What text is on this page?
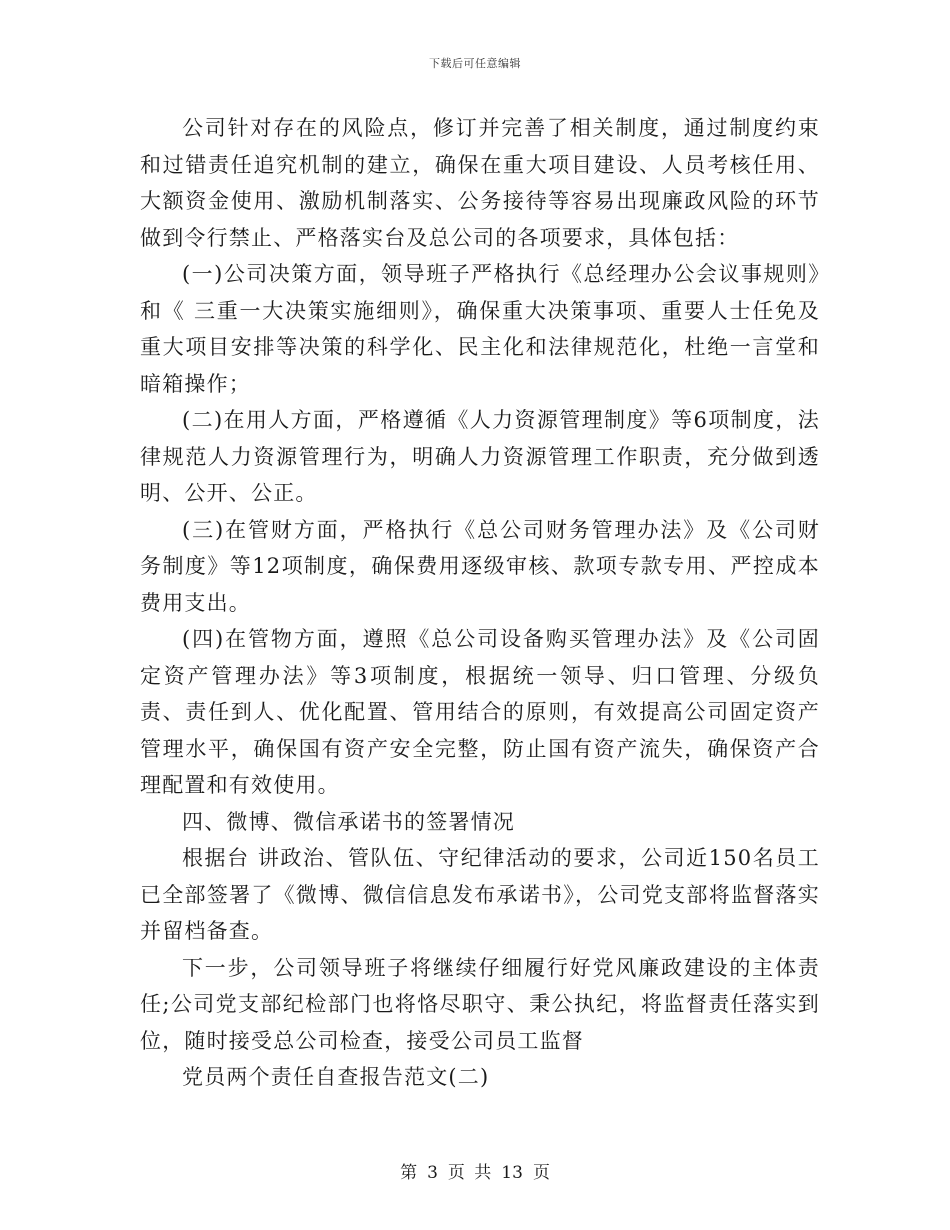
下载后可任意编辑

公司针对存在的风险点，修订并完善了相关制度，通过制度约束和过错责任追究机制的建立，确保在重大项目建设、人员考核任用、大额资金使用、激励机制落实、公务接待等容易出现廉政风险的环节做到令行禁止、严格落实台及总公司的各项要求，具体包括：

(一)公司决策方面，领导班子严格执行《总经理办公会议事规则》和《 三重一大决策实施细则》，确保重大决策事项、重要人士任免及重大项目安排等决策的科学化、民主化和法律规范化，杜绝一言堂和暗箱操作；

(二)在用人方面，严格遵循《人力资源管理制度》等6项制度，法律规范人力资源管理行为，明确人力资源管理工作职责，充分做到透明、公开、公正。

(三)在管财方面，严格执行《总公司财务管理办法》及《公司财务制度》等12项制度，确保费用逐级审核、款项专款专用、严控成本费用支出。

(四)在管物方面，遵照《总公司设备购买管理办法》及《公司固定资产管理办法》等3项制度，根据统一领导、归口管理、分级负责、责任到人、优化配置、管用结合的原则，有效提高公司固定资产管理水平，确保国有资产安全完整，防止国有资产流失，确保资产合理配置和有效使用。

四、微博、微信承诺书的签署情况

根据台 讲政治、管队伍、守纪律活动的要求，公司近150名员工已全部签署了《微博、微信信息发布承诺书》，公司党支部将监督落实并留档备查。

下一步，公司领导班子将继续仔细履行好党风廉政建设的主体责任;公司党支部纪检部门也将恪尽职守、秉公执纪，将监督责任落实到位，随时接受总公司检查，接受公司员工监督

党员两个责任自查报告范文(二)

第 3 页 共 13 页
